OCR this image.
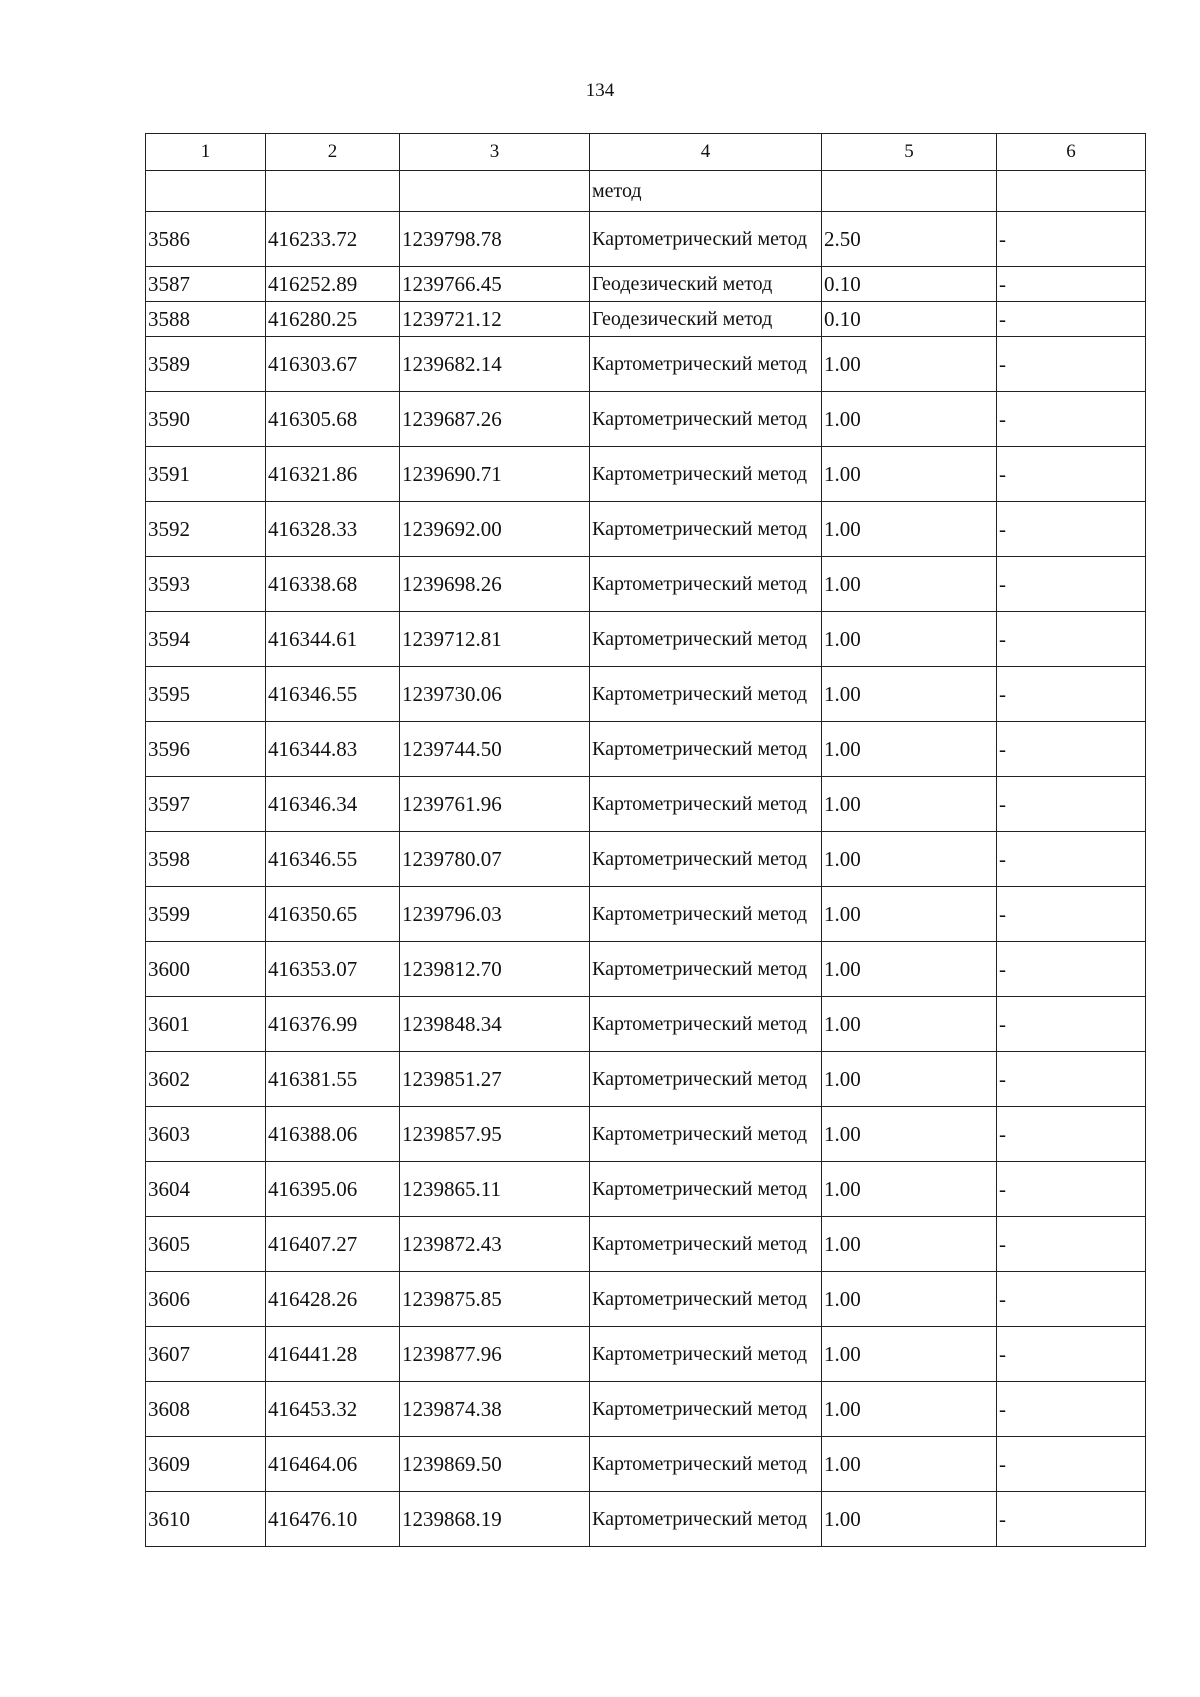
134
1	2	3	4	5	6
			метод		
3586	416233.72	1239798.78	Картометрический метод	2.50	-
3587	416252.89	1239766.45	Геодезический метод	0.10	-
3588	416280.25	1239721.12	Геодезический метод	0.10	-
3589	416303.67	1239682.14	Картометрический метод	1.00	-
3590	416305.68	1239687.26	Картометрический метод	1.00	-
3591	416321.86	1239690.71	Картометрический метод	1.00	-
3592	416328.33	1239692.00	Картометрический метод	1.00	-
3593	416338.68	1239698.26	Картометрический метод	1.00	-
3594	416344.61	1239712.81	Картометрический метод	1.00	-
3595	416346.55	1239730.06	Картометрический метод	1.00	-
3596	416344.83	1239744.50	Картометрический метод	1.00	-
3597	416346.34	1239761.96	Картометрический метод	1.00	-
3598	416346.55	1239780.07	Картометрический метод	1.00	-
3599	416350.65	1239796.03	Картометрический метод	1.00	-
3600	416353.07	1239812.70	Картометрический метод	1.00	-
3601	416376.99	1239848.34	Картометрический метод	1.00	-
3602	416381.55	1239851.27	Картометрический метод	1.00	-
3603	416388.06	1239857.95	Картометрический метод	1.00	-
3604	416395.06	1239865.11	Картометрический метод	1.00	-
3605	416407.27	1239872.43	Картометрический метод	1.00	-
3606	416428.26	1239875.85	Картометрический метод	1.00	-
3607	416441.28	1239877.96	Картометрический метод	1.00	-
3608	416453.32	1239874.38	Картометрический метод	1.00	-
3609	416464.06	1239869.50	Картометрический метод	1.00	-
3610	416476.10	1239868.19	Картометрический метод	1.00	-
